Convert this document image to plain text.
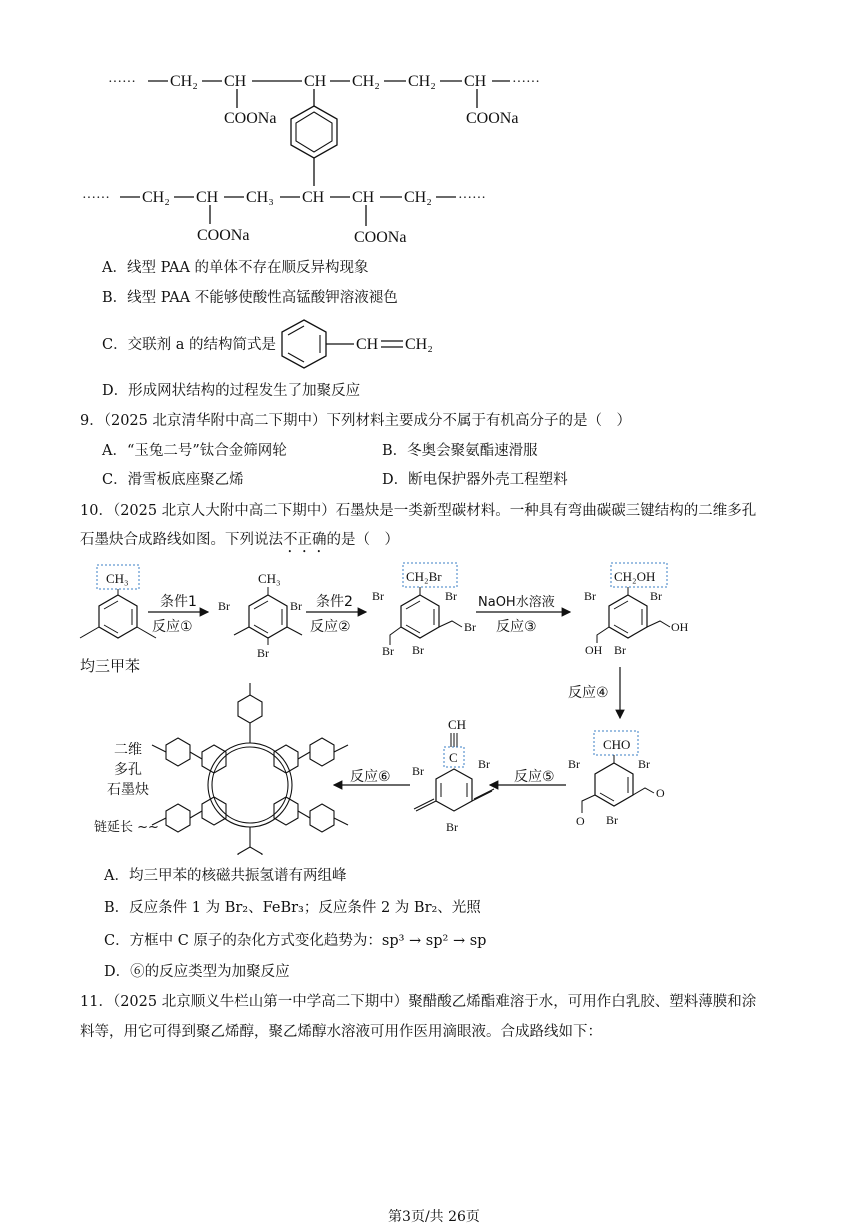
······ CH₂ CH	CH CH₂ CH₂ CH ······
COONa	COONa
······ CH₂ CH CH₃ CH CH CH₂ ······
COONa	COONa
A．线型 PAA 的单体不存在顺反异构现象
B．线型 PAA 不能够使酸性高锰酸钾溶液褪色
C．交联剂 a 的结构简式是	CH CH₂
D．形成网状结构的过程发生了加聚反应
9．（2025 北京清华附中高二下期中）下列材料主要成分不属于有机高分子的是（　）
A．“玉兔二号”钛合金筛网轮	B．冬奥会聚氨酯速滑服
C．滑雪板底座聚乙烯	D．断电保护器外壳工程塑料
10．（2025 北京人大附中高二下期中）石墨炔是一类新型碳材料。一种具有弯曲碳碳三键结构的二维多孔
石墨炔合成路线如图。下列说法不正确的是（　）
CH₃
条件1
反应①
CH₃
Br	Br
Br
条件2
反应②
CH₂Br
Br	Br
Br
Br
Br
NaOH水溶液
反应③
CH₂OH
Br	Br
Br
OH
OH
均三甲苯
反应④
CHO
Br	Br
Br
O
O
反应⑤
CH
C
Br	Br
Br
反应⑥
二维
多孔
石墨炔
链延长 ~~
A．均三甲苯的核磁共振氢谱有两组峰
B．反应条件 1 为 Br₂、FeBr₃；反应条件 2 为 Br₂、光照
C．方框中 C 原子的杂化方式变化趋势为：sp³ → sp² → sp
D．⑥的反应类型为加聚反应
11．（2025 北京顺义牛栏山第一中学高二下期中）聚醋酸乙烯酯难溶于水，可用作白乳胶、塑料薄膜和涂
料等，用它可得到聚乙烯醇，聚乙烯醇水溶液可用作医用滴眼液。合成路线如下：
第3页/共 26页
